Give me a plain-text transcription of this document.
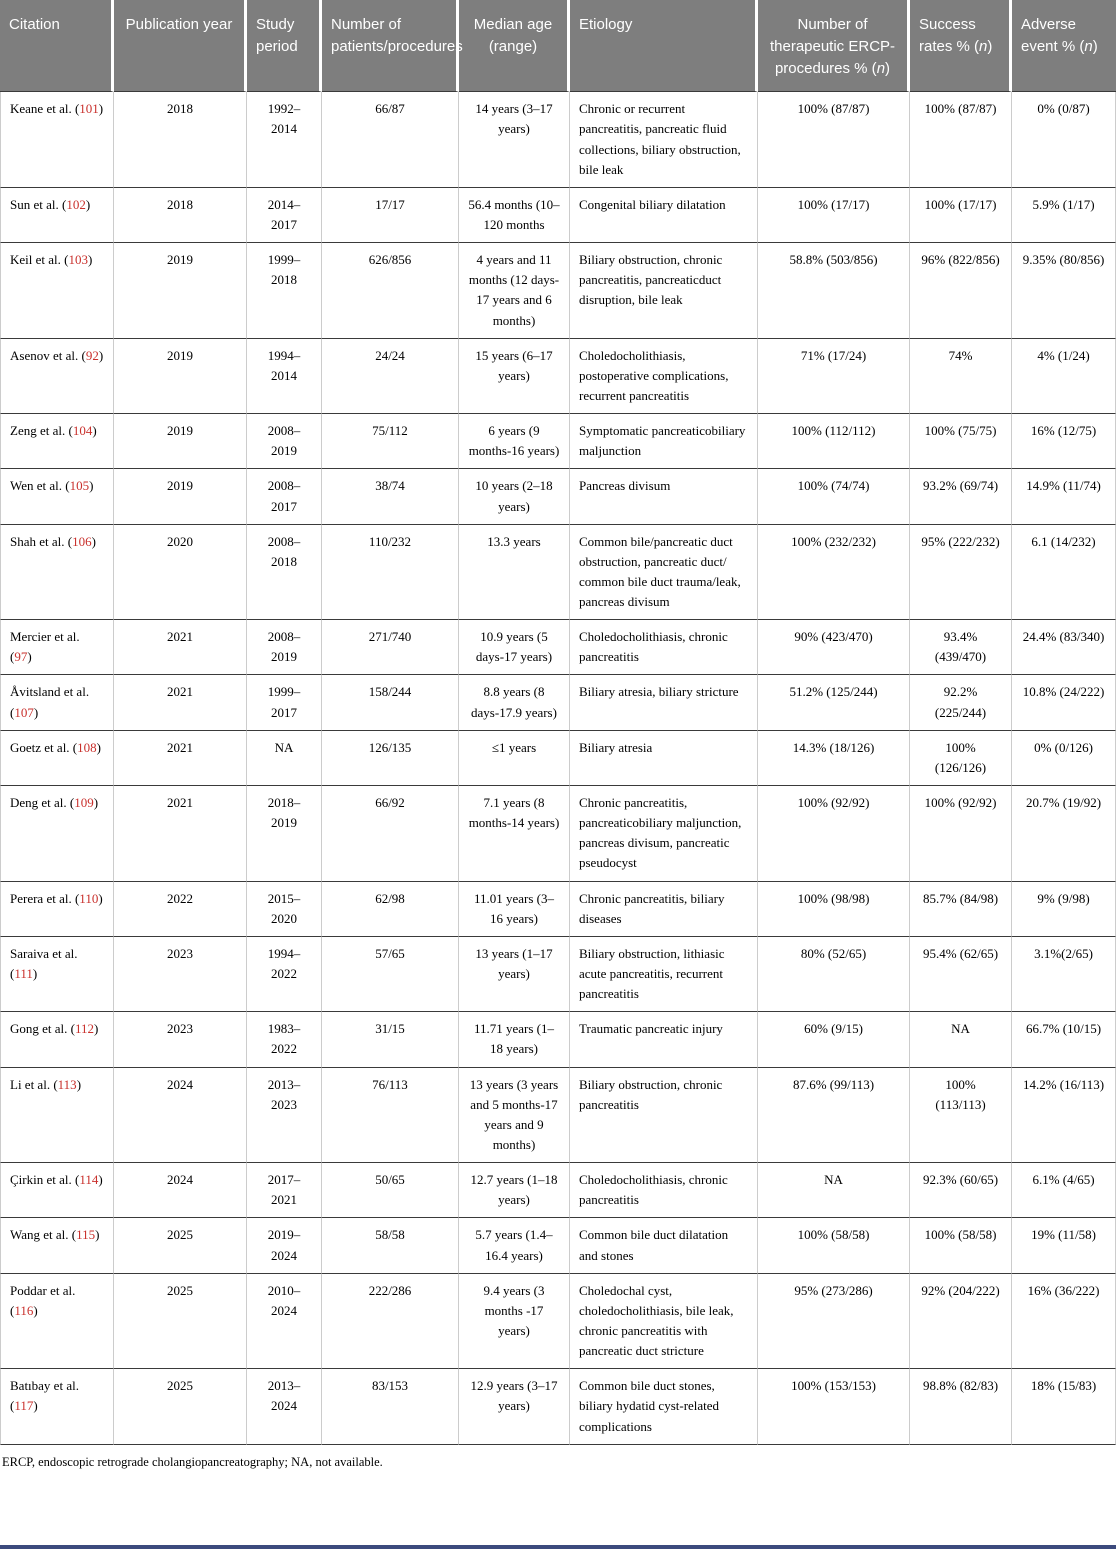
Citation	Publication year	Study period	Number of patients/procedures	Median age (range)	Etiology	Number of therapeutic ERCP-procedures % (n)	Success rates % (n)	Adverse event % (n)
Keane et al. (101)	2018	1992–2014	66/87	14 years (3–17 years)	Chronic or recurrent pancreatitis, pancreatic fluid collections, biliary obstruction, bile leak	100% (87/87)	100% (87/87)	0% (0/87)
Sun et al. (102)	2018	2014–2017	17/17	56.4 months (10–120 months	Congenital biliary dilatation	100% (17/17)	100% (17/17)	5.9% (1/17)
Keil et al. (103)	2019	1999–2018	626/856	4 years and 11 months (12 days-17 years and 6 months)	Biliary obstruction, chronic pancreatitis, pancreaticduct disruption, bile leak	58.8% (503/856)	96% (822/856)	9.35% (80/856)
Asenov et al. (92)	2019	1994–2014	24/24	15 years (6–17 years)	Choledocholithiasis, postoperative complications, recurrent pancreatitis	71% (17/24)	74%	4% (1/24)
Zeng et al. (104)	2019	2008–2019	75/112	6 years (9 months-16 years)	Symptomatic pancreaticobiliary maljunction	100% (112/112)	100% (75/75)	16% (12/75)
Wen et al. (105)	2019	2008–2017	38/74	10 years (2–18 years)	Pancreas divisum	100% (74/74)	93.2% (69/74)	14.9% (11/74)
Shah et al. (106)	2020	2008–2018	110/232	13.3 years	Common bile/pancreatic duct obstruction, pancreatic duct/ common bile duct trauma/leak, pancreas divisum	100% (232/232)	95% (222/232)	6.1 (14/232)
Mercier et al. (97)	2021	2008–2019	271/740	10.9 years (5 days-17 years)	Choledocholithiasis, chronic pancreatitis	90% (423/470)	93.4% (439/470)	24.4% (83/340)
Åvitsland et al. (107)	2021	1999–2017	158/244	8.8 years (8 days-17.9 years)	Biliary atresia, biliary stricture	51.2% (125/244)	92.2% (225/244)	10.8% (24/222)
Goetz et al. (108)	2021	NA	126/135	≤1 years	Biliary atresia	14.3% (18/126)	100% (126/126)	0% (0/126)
Deng et al. (109)	2021	2018–2019	66/92	7.1 years (8 months-14 years)	Chronic pancreatitis, pancreaticobiliary maljunction, pancreas divisum, pancreatic pseudocyst	100% (92/92)	100% (92/92)	20.7% (19/92)
Perera et al. (110)	2022	2015–2020	62/98	11.01 years (3–16 years)	Chronic pancreatitis, biliary diseases	100% (98/98)	85.7% (84/98)	9% (9/98)
Saraiva et al. (111)	2023	1994–2022	57/65	13 years (1–17 years)	Biliary obstruction, lithiasic acute pancreatitis, recurrent pancreatitis	80% (52/65)	95.4% (62/65)	3.1%(2/65)
Gong et al. (112)	2023	1983–2022	31/15	11.71 years (1–18 years)	Traumatic pancreatic injury	60% (9/15)	NA	66.7% (10/15)
Li et al. (113)	2024	2013–2023	76/113	13 years (3 years and 5 months-17 years and 9 months)	Biliary obstruction, chronic pancreatitis	87.6% (99/113)	100% (113/113)	14.2% (16/113)
Çirkin et al. (114)	2024	2017–2021	50/65	12.7 years (1–18 years)	Choledocholithiasis, chronic pancreatitis	NA	92.3% (60/65)	6.1% (4/65)
Wang et al. (115)	2025	2019–2024	58/58	5.7 years (1.4–16.4 years)	Common bile duct dilatation and stones	100% (58/58)	100% (58/58)	19% (11/58)
Poddar et al. (116)	2025	2010–2024	222/286	9.4 years (3 months -17 years)	Choledochal cyst, choledocholithiasis, bile leak, chronic pancreatitis with pancreatic duct stricture	95% (273/286)	92% (204/222)	16% (36/222)
Batıbay et al. (117)	2025	2013–2024	83/153	12.9 years (3–17 years)	Common bile duct stones, biliary hydatid cyst-related complications	100% (153/153)	98.8% (82/83)	18% (15/83)
ERCP, endoscopic retrograde cholangiopancreatography; NA, not available.
